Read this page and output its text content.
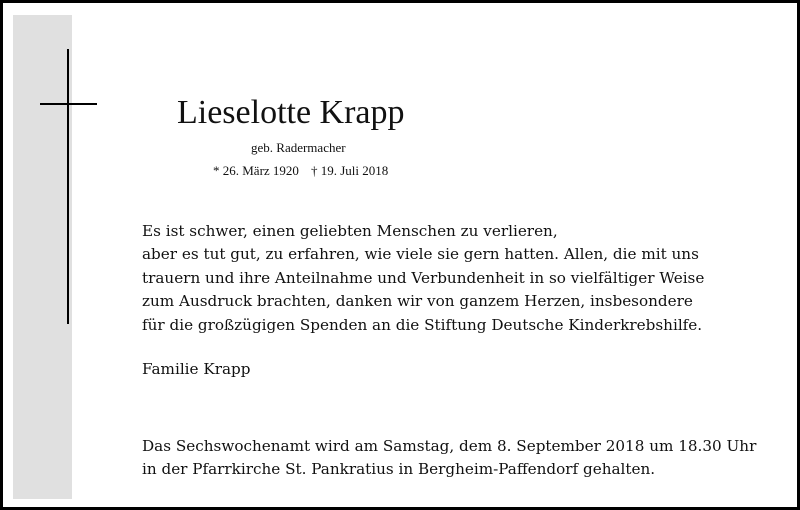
Lieselotte Krapp
geb. Radermacher
* 26. März 1920 † 19. Juli 2018
Es ist schwer, einen geliebten Menschen zu verlieren,
aber es tut gut, zu erfahren, wie viele sie gern hatten. Allen, die mit uns
trauern und ihre Anteilnahme und Verbundenheit in so vielfältiger Weise
zum Ausdruck brachten, danken wir von ganzem Herzen, insbesondere
für die großzügigen Spenden an die Stiftung Deutsche Kinderkrebshilfe.
Familie Krapp
Das Sechswochenamt wird am Samstag, dem 8. September 2018 um 18.30 Uhr
in der Pfarrkirche St. Pankratius in Bergheim-Paffendorf gehalten.
